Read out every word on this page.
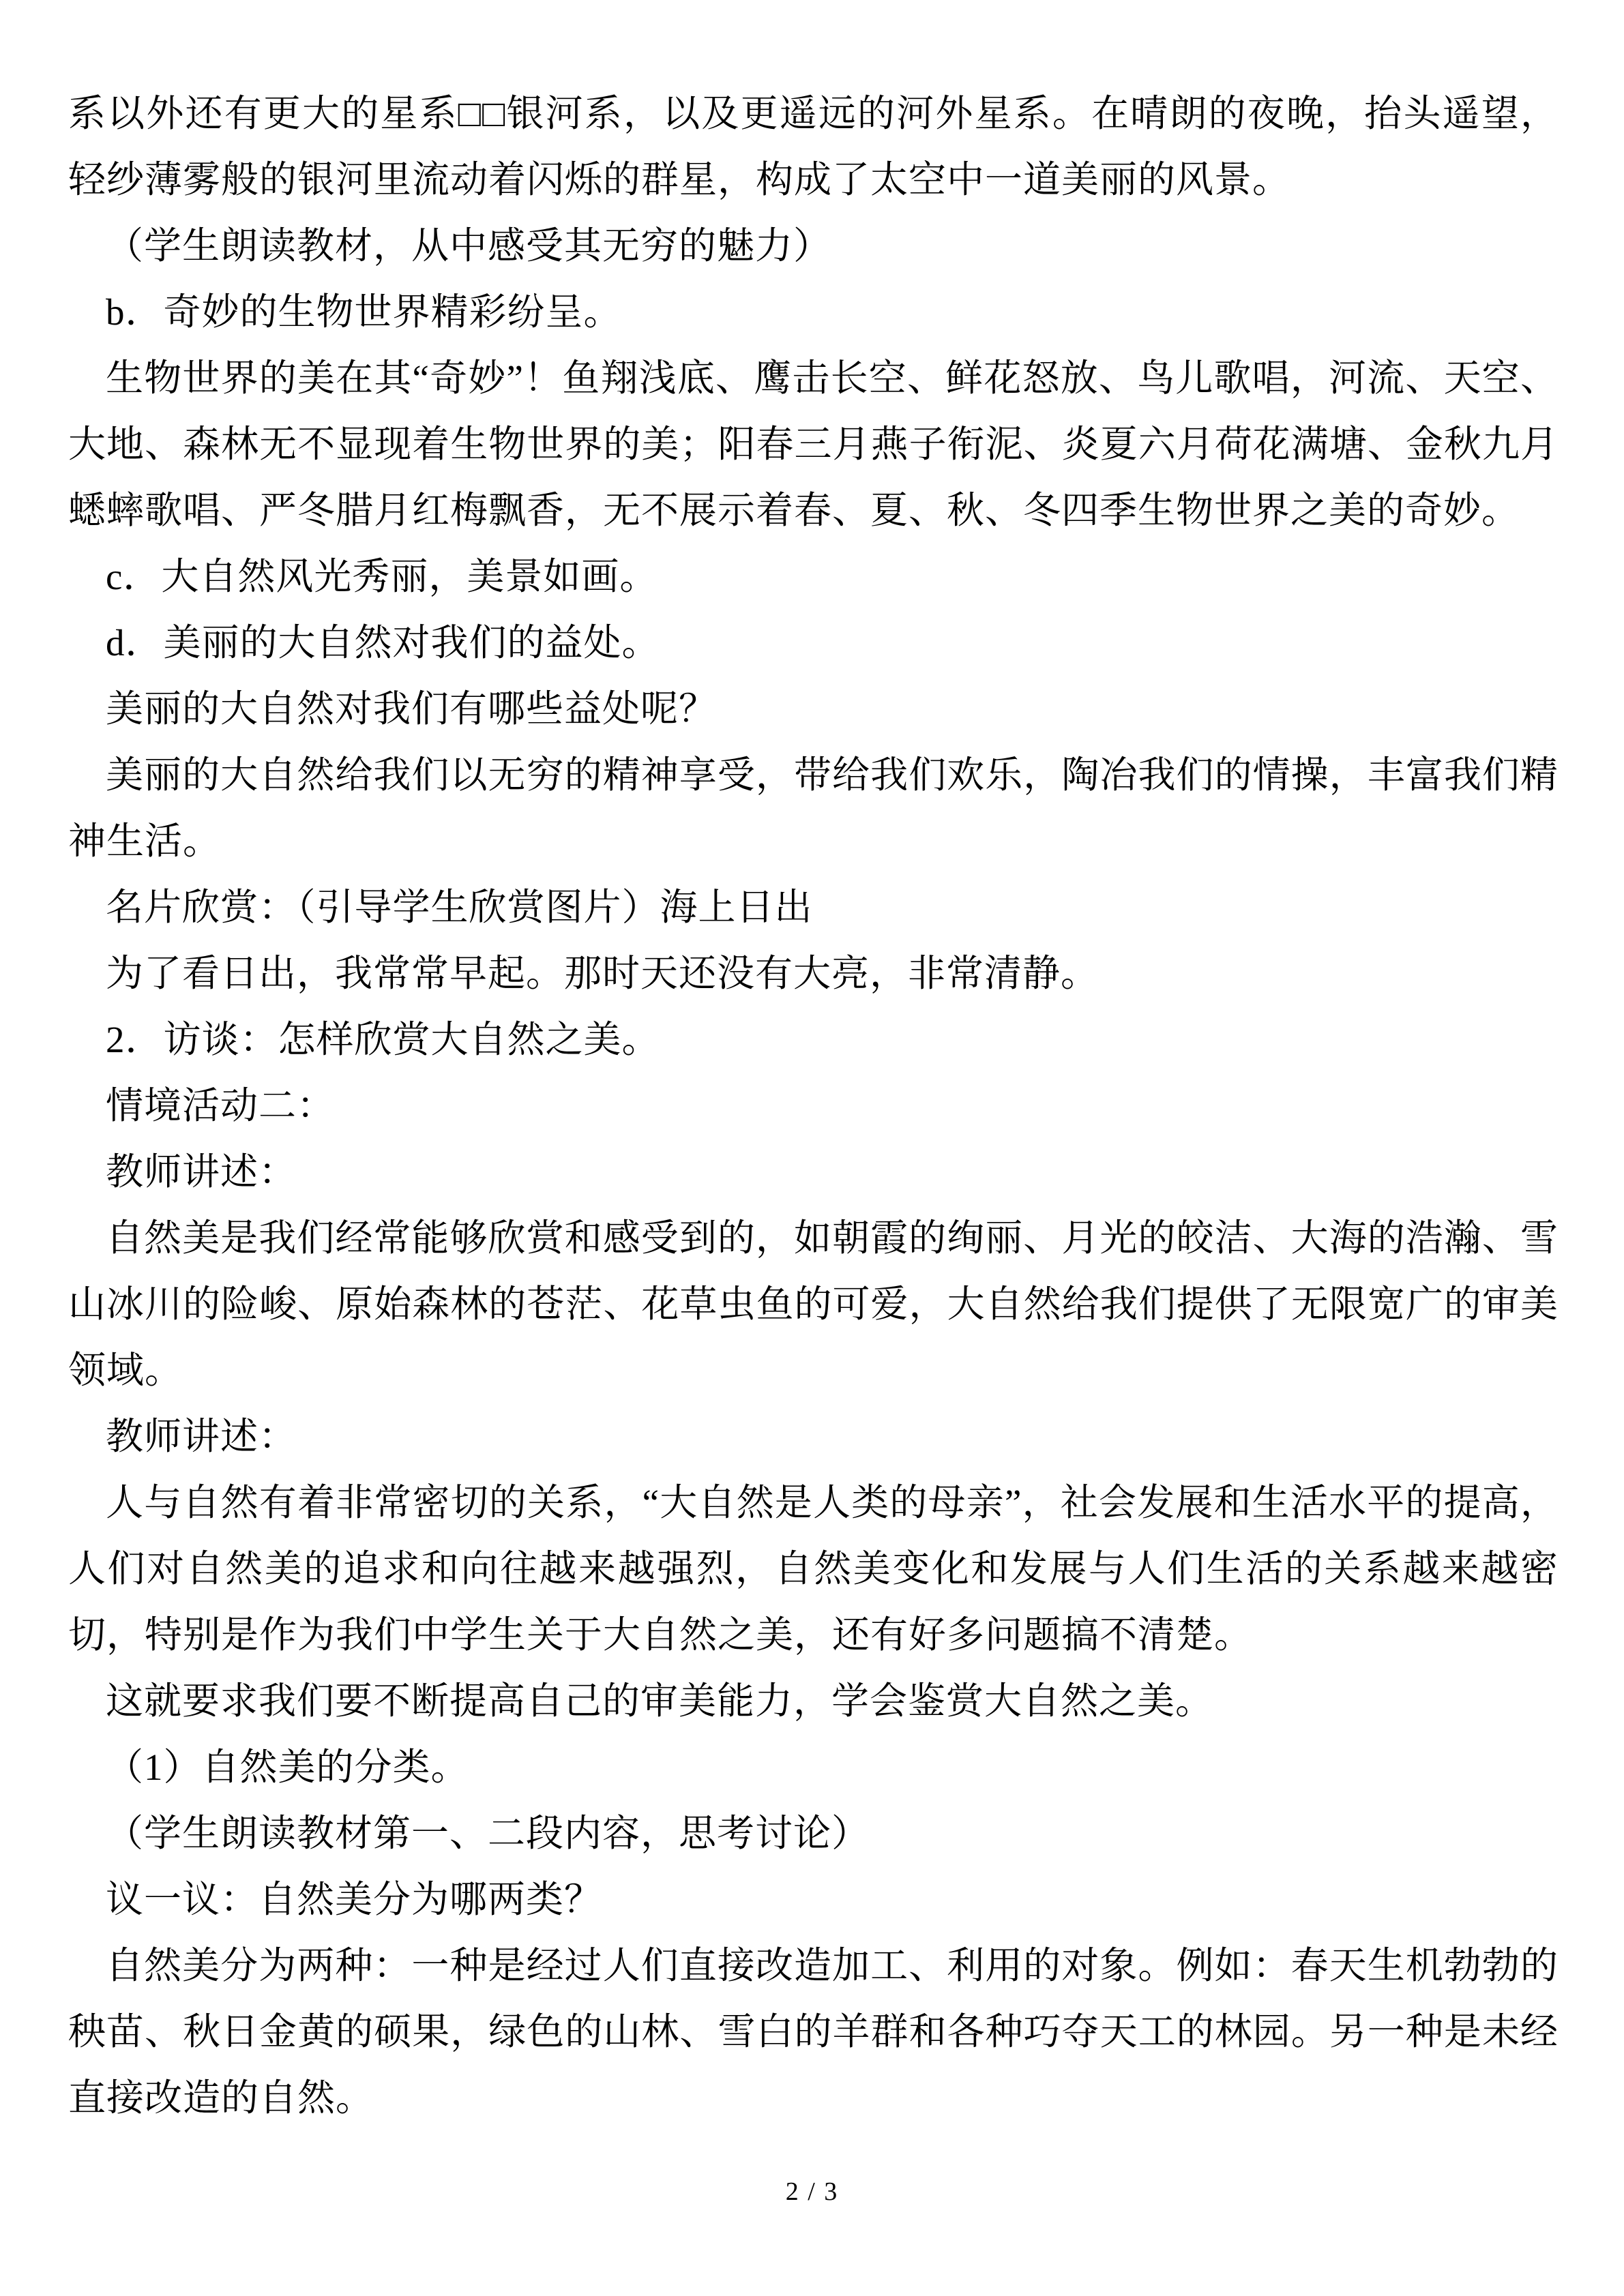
系以外还有更大的星系□□银河系，以及更遥远的河外星系。在晴朗的夜晚，抬头遥望，轻纱薄雾般的银河里流动着闪烁的群星，构成了太空中一道美丽的风景。

（学生朗读教材，从中感受其无穷的魅力）

b．奇妙的生物世界精彩纷呈。

生物世界的美在其“奇妙”！鱼翔浅底、鹰击长空、鲜花怒放、鸟儿歌唱，河流、天空、大地、森林无不显现着生物世界的美；阳春三月燕子衔泥、炎夏六月荷花满塘、金秋九月蟋蟀歌唱、严冬腊月红梅飘香，无不展示着春、夏、秋、冬四季生物世界之美的奇妙。

c．大自然风光秀丽，美景如画。

d．美丽的大自然对我们的益处。

美丽的大自然对我们有哪些益处呢？

美丽的大自然给我们以无穷的精神享受，带给我们欢乐，陶冶我们的情操，丰富我们精神生活。

名片欣赏：（引导学生欣赏图片）海上日出

为了看日出，我常常早起。那时天还没有大亮，非常清静。

2．访谈：怎样欣赏大自然之美。

情境活动二：

教师讲述：

自然美是我们经常能够欣赏和感受到的，如朝霞的绚丽、月光的皎洁、大海的浩瀚、雪山冰川的险峻、原始森林的苍茫、花草虫鱼的可爱，大自然给我们提供了无限宽广的审美领域。

教师讲述：

人与自然有着非常密切的关系，“大自然是人类的母亲”，社会发展和生活水平的提高，人们对自然美的追求和向往越来越强烈，自然美变化和发展与人们生活的关系越来越密切，特别是作为我们中学生关于大自然之美，还有好多问题搞不清楚。

这就要求我们要不断提高自己的审美能力，学会鉴赏大自然之美。

（1）自然美的分类。

（学生朗读教材第一、二段内容，思考讨论）

议一议：自然美分为哪两类？

自然美分为两种：一种是经过人们直接改造加工、利用的对象。例如：春天生机勃勃的秧苗、秋日金黄的硕果，绿色的山林、雪白的羊群和各种巧夺天工的林园。另一种是未经直接改造的自然。

2 / 3
